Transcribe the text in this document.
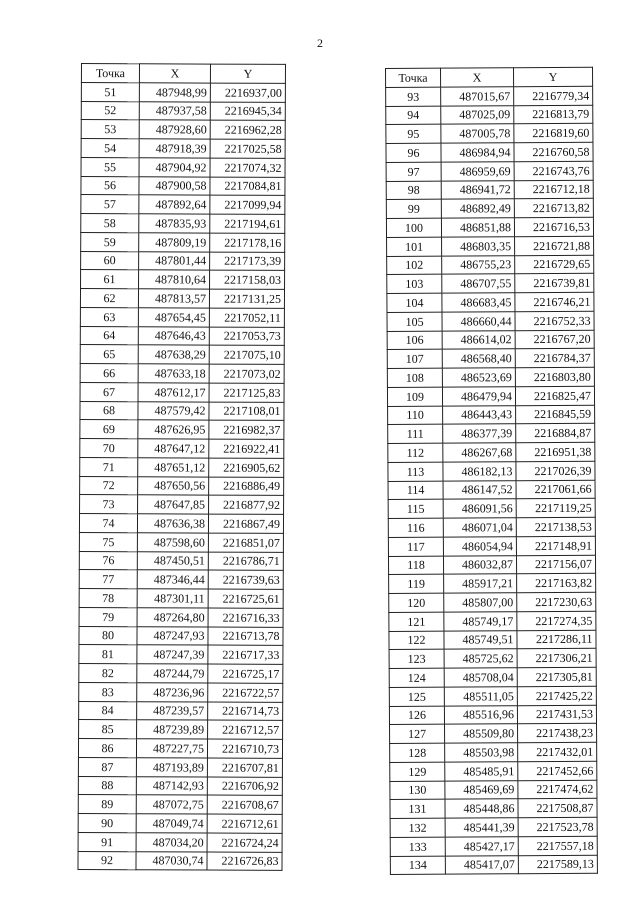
2
Точка	X	Y
51	487948,99	2216937,00
52	487937,58	2216945,34
53	487928,60	2216962,28
54	487918,39	2217025,58
55	487904,92	2217074,32
56	487900,58	2217084,81
57	487892,64	2217099,94
58	487835,93	2217194,61
59	487809,19	2217178,16
60	487801,44	2217173,39
61	487810,64	2217158,03
62	487813,57	2217131,25
63	487654,45	2217052,11
64	487646,43	2217053,73
65	487638,29	2217075,10
66	487633,18	2217073,02
67	487612,17	2217125,83
68	487579,42	2217108,01
69	487626,95	2216982,37
70	487647,12	2216922,41
71	487651,12	2216905,62
72	487650,56	2216886,49
73	487647,85	2216877,92
74	487636,38	2216867,49
75	487598,60	2216851,07
76	487450,51	2216786,71
77	487346,44	2216739,63
78	487301,11	2216725,61
79	487264,80	2216716,33
80	487247,93	2216713,78
81	487247,39	2216717,33
82	487244,79	2216725,17
83	487236,96	2216722,57
84	487239,57	2216714,73
85	487239,89	2216712,57
86	487227,75	2216710,73
87	487193,89	2216707,81
88	487142,93	2216706,92
89	487072,75	2216708,67
90	487049,74	2216712,61
91	487034,20	2216724,24
92	487030,74	2216726,83
Точка	X	Y
93	487015,67	2216779,34
94	487025,09	2216813,79
95	487005,78	2216819,60
96	486984,94	2216760,58
97	486959,69	2216743,76
98	486941,72	2216712,18
99	486892,49	2216713,82
100	486851,88	2216716,53
101	486803,35	2216721,88
102	486755,23	2216729,65
103	486707,55	2216739,81
104	486683,45	2216746,21
105	486660,44	2216752,33
106	486614,02	2216767,20
107	486568,40	2216784,37
108	486523,69	2216803,80
109	486479,94	2216825,47
110	486443,43	2216845,59
111	486377,39	2216884,87
112	486267,68	2216951,38
113	486182,13	2217026,39
114	486147,52	2217061,66
115	486091,56	2217119,25
116	486071,04	2217138,53
117	486054,94	2217148,91
118	486032,87	2217156,07
119	485917,21	2217163,82
120	485807,00	2217230,63
121	485749,17	2217274,35
122	485749,51	2217286,11
123	485725,62	2217306,21
124	485708,04	2217305,81
125	485511,05	2217425,22
126	485516,96	2217431,53
127	485509,80	2217438,23
128	485503,98	2217432,01
129	485485,91	2217452,66
130	485469,69	2217474,62
131	485448,86	2217508,87
132	485441,39	2217523,78
133	485427,17	2217557,18
134	485417,07	2217589,13
